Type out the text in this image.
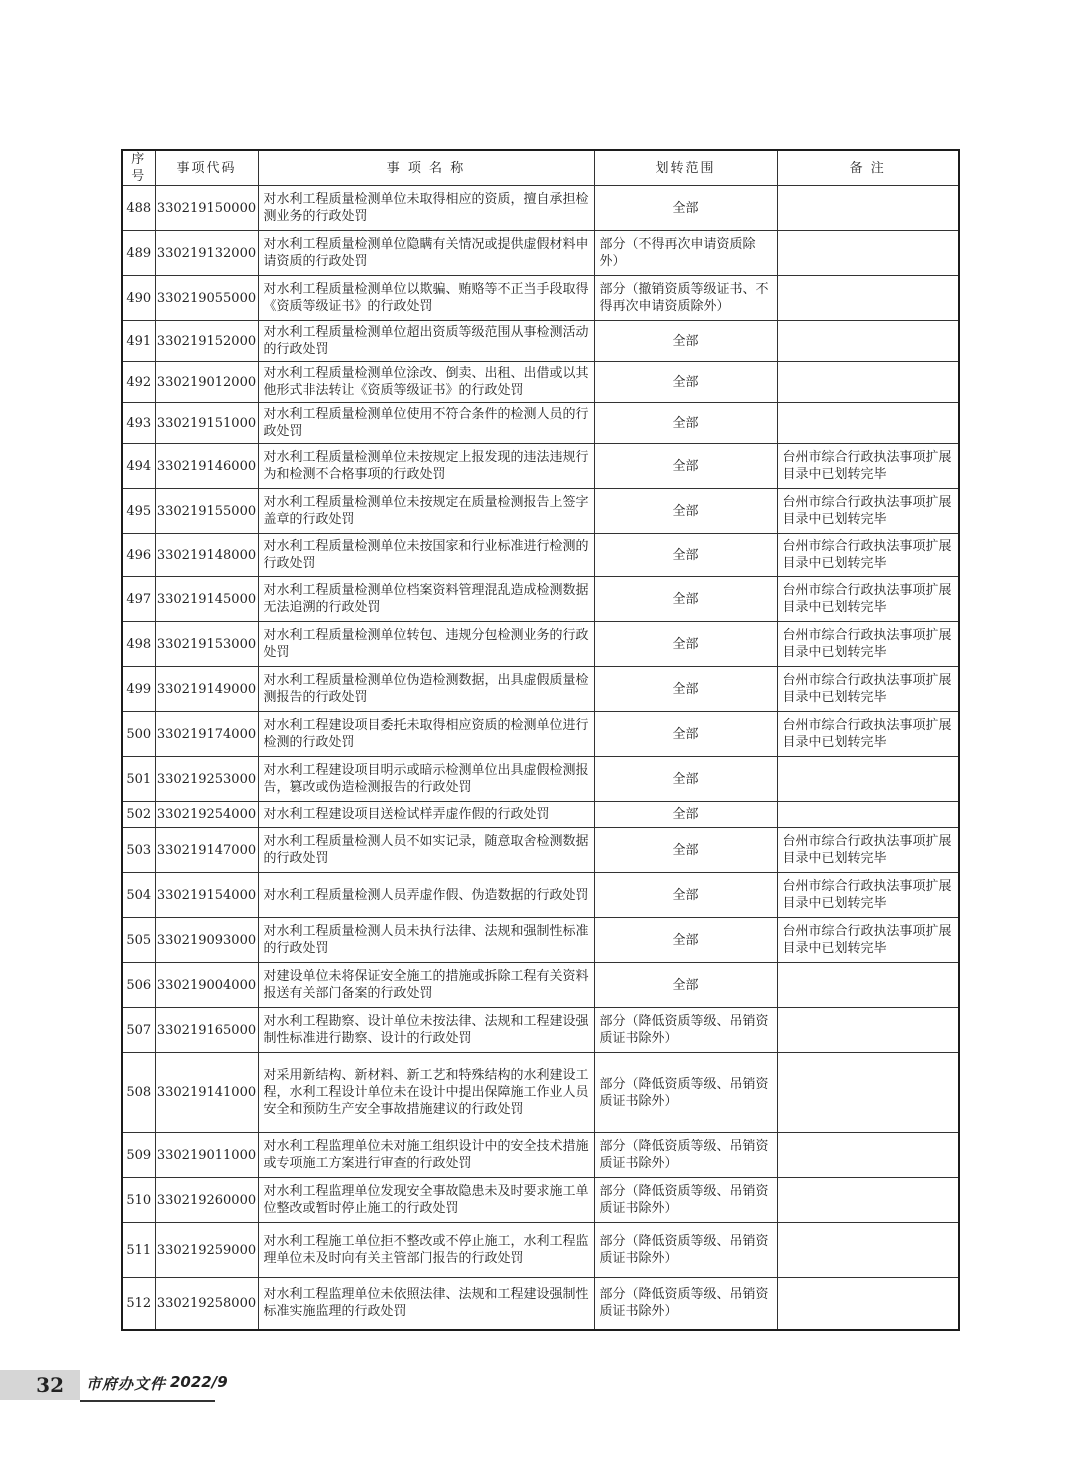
序号	事项代码	事 项 名 称	划转范围	备 注
488	330219150000	对水利工程质量检测单位未取得相应的资质，擅自承担检测业务的行政处罚	全部	
489	330219132000	对水利工程质量检测单位隐瞒有关情况或提供虚假材料申请资质的行政处罚	部分（不得再次申请资质除外）	
490	330219055000	对水利工程质量检测单位以欺骗、贿赂等不正当手段取得《资质等级证书》的行政处罚	部分（撤销资质等级证书、不得再次申请资质除外）	
491	330219152000	对水利工程质量检测单位超出资质等级范围从事检测活动的行政处罚	全部	
492	330219012000	对水利工程质量检测单位涂改、倒卖、出租、出借或以其他形式非法转让《资质等级证书》的行政处罚	全部	
493	330219151000	对水利工程质量检测单位使用不符合条件的检测人员的行政处罚	全部	
494	330219146000	对水利工程质量检测单位未按规定上报发现的违法违规行为和检测不合格事项的行政处罚	全部	台州市综合行政执法事项扩展目录中已划转完毕
495	330219155000	对水利工程质量检测单位未按规定在质量检测报告上签字盖章的行政处罚	全部	台州市综合行政执法事项扩展目录中已划转完毕
496	330219148000	对水利工程质量检测单位未按国家和行业标准进行检测的行政处罚	全部	台州市综合行政执法事项扩展目录中已划转完毕
497	330219145000	对水利工程质量检测单位档案资料管理混乱造成检测数据无法追溯的行政处罚	全部	台州市综合行政执法事项扩展目录中已划转完毕
498	330219153000	对水利工程质量检测单位转包、违规分包检测业务的行政处罚	全部	台州市综合行政执法事项扩展目录中已划转完毕
499	330219149000	对水利工程质量检测单位伪造检测数据，出具虚假质量检测报告的行政处罚	全部	台州市综合行政执法事项扩展目录中已划转完毕
500	330219174000	对水利工程建设项目委托未取得相应资质的检测单位进行检测的行政处罚	全部	台州市综合行政执法事项扩展目录中已划转完毕
501	330219253000	对水利工程建设项目明示或暗示检测单位出具虚假检测报告，篡改或伪造检测报告的行政处罚	全部	
502	330219254000	对水利工程建设项目送检试样弄虚作假的行政处罚	全部	
503	330219147000	对水利工程质量检测人员不如实记录，随意取舍检测数据的行政处罚	全部	台州市综合行政执法事项扩展目录中已划转完毕
504	330219154000	对水利工程质量检测人员弄虚作假、伪造数据的行政处罚	全部	台州市综合行政执法事项扩展目录中已划转完毕
505	330219093000	对水利工程质量检测人员未执行法律、法规和强制性标准的行政处罚	全部	台州市综合行政执法事项扩展目录中已划转完毕
506	330219004000	对建设单位未将保证安全施工的措施或拆除工程有关资料报送有关部门备案的行政处罚	全部	
507	330219165000	对水利工程勘察、设计单位未按法律、法规和工程建设强制性标准进行勘察、设计的行政处罚	部分（降低资质等级、吊销资质证书除外）	
508	330219141000	对采用新结构、新材料、新工艺和特殊结构的水利建设工程，水利工程设计单位未在设计中提出保障施工作业人员安全和预防生产安全事故措施建议的行政处罚	部分（降低资质等级、吊销资质证书除外）	
509	330219011000	对水利工程监理单位未对施工组织设计中的安全技术措施或专项施工方案进行审查的行政处罚	部分（降低资质等级、吊销资质证书除外）	
510	330219260000	对水利工程监理单位发现安全事故隐患未及时要求施工单位整改或暂时停止施工的行政处罚	部分（降低资质等级、吊销资质证书除外）	
511	330219259000	对水利工程施工单位拒不整改或不停止施工，水利工程监理单位未及时向有关主管部门报告的行政处罚	部分（降低资质等级、吊销资质证书除外）	
512	330219258000	对水利工程监理单位未依照法律、法规和工程建设强制性标准实施监理的行政处罚	部分（降低资质等级、吊销资质证书除外）	
32	市府办文件 2022/9
